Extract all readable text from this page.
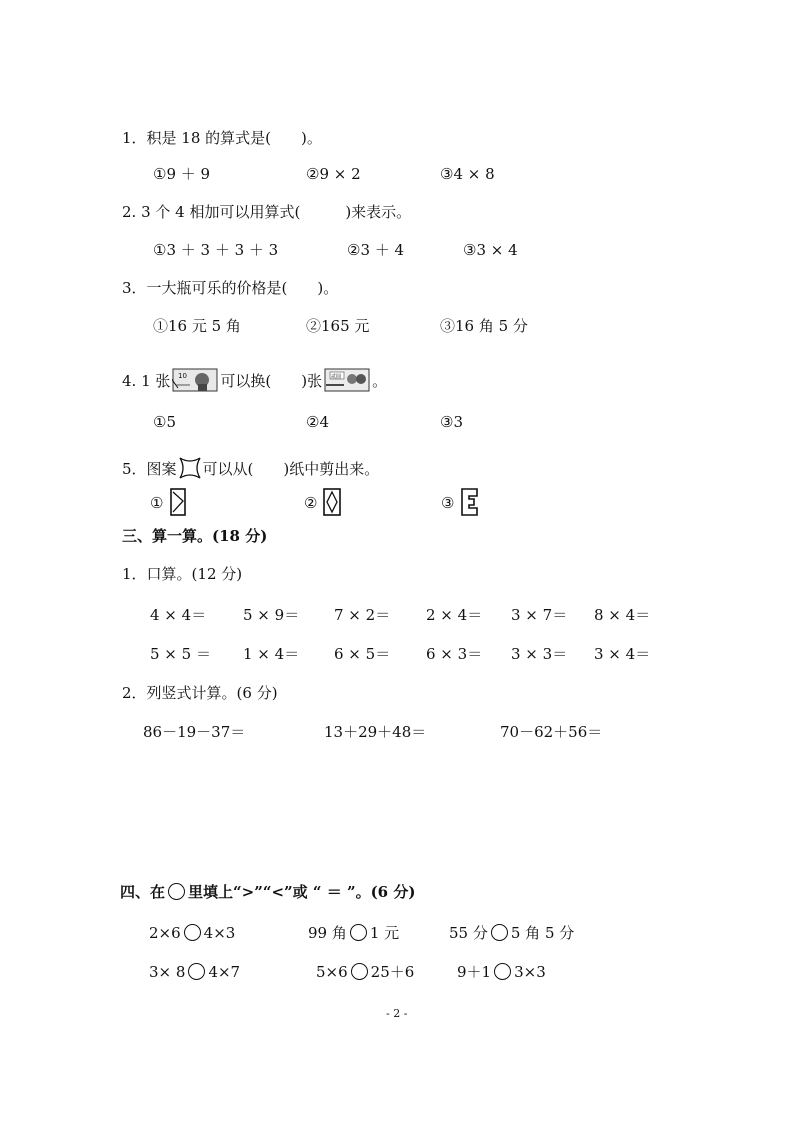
1．积是 18 的算式是(　　)。
①9 ＋ 9	②9 × 2	③4 × 8
2. 3 个 4 相加可以用算式(　　　)来表示。
①3 ＋ 3 ＋ 3 ＋ 3	②3 ＋ 4	③3 × 4
3．一大瓶可乐的价格是(　　)。
①16 元 5 角	②165 元	③16 角 5 分
4. 1 张 10 可以换(　　)张 贰圆 。
①5	②4	③3
5．图案 可以从(　　)纸中剪出来。
①	②	③
三、算一算。(18 分)
1．口算。(12 分)
4 × 4＝ 5 × 9＝ 7 × 2＝ 2 × 4＝ 3 × 7＝ 8 × 4＝
5 × 5 ＝ 1 × 4＝ 6 × 5＝ 6 × 3＝ 3 × 3＝ 3 × 4＝
2．列竖式计算。(6 分)
86－19－37＝	13＋29＋48＝	70－62＋56＝
四、在 里填上“>”“<”或 “ ＝ ”。(6 分)
2×6 4×3	99 角 1 元	55 分 5 角 5 分
3× 8 4×7	5×6 25＋6	9＋1 3×3
- 2 -
